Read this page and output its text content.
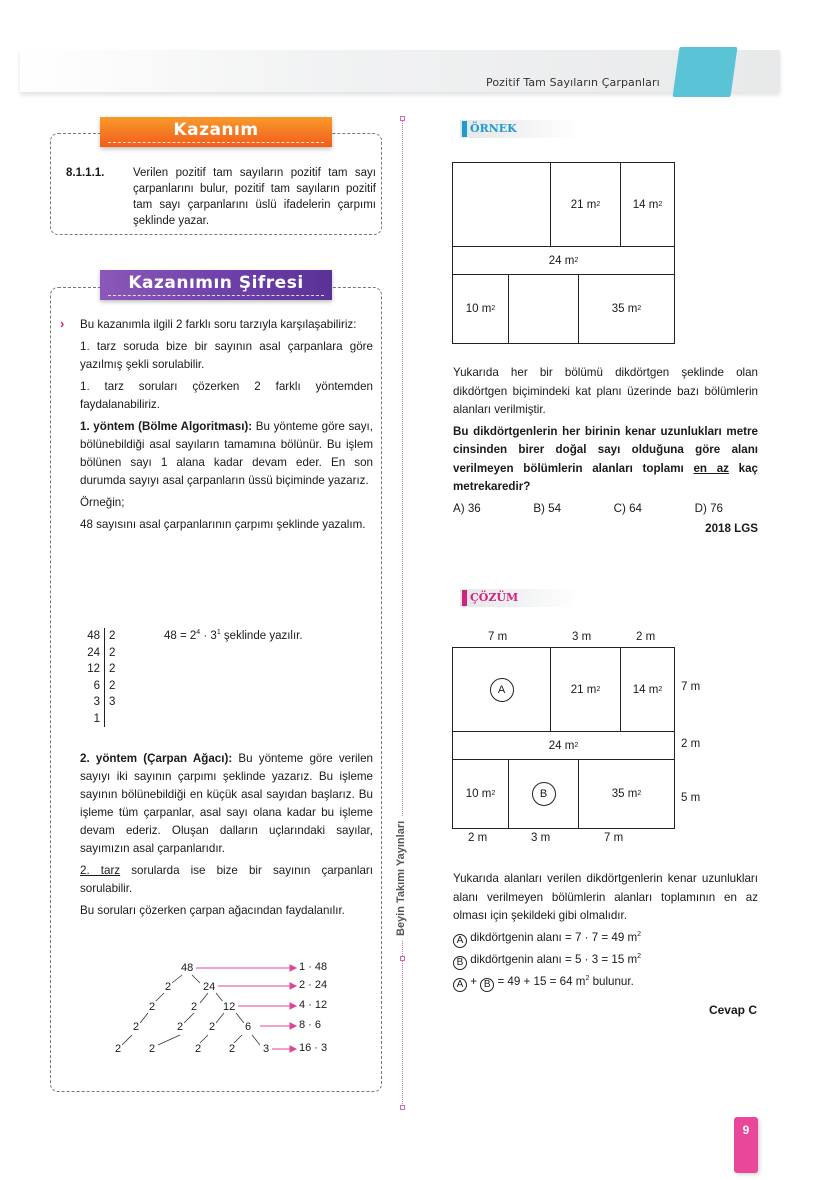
Pozitif Tam Sayıların Çarpanları
Beyin Takımı Yayınları
Kazanım
8.1.1.1. Verilen pozitif tam sayıların pozitif tam sayı çarpanlarını bulur, pozitif tam sayıların pozitif tam sayı çarpanlarını üslü ifadelerin çarpımı şeklinde yazar.
Kazanımın Şifresi
› Bu kazanımla ilgili 2 farklı soru tarzıyla karşılaşabiliriz:

1. tarz soruda bize bir sayının asal çarpanlara göre yazılmış şekli sorulabilir.

1. tarz soruları çözerken 2 farklı yöntemden faydalanabiliriz.

1. yöntem (Bölme Algoritması): Bu yönteme göre sayı, bölünebildiği asal sayıların tamamına bölünür. Bu işlem bölünen sayı 1 alana kadar devam eder. En son durumda sayıyı asal çarpanların üssü biçiminde yazarız.

Örneğin;

48 sayısını asal çarpanlarının çarpımı şeklinde yazalım.

48 2
24 2
12 2
6 2
3 3
1
$48 = 2^4 \cdot 3^1$ şeklinde yazılır.

2. yöntem (Çarpan Ağacı): Bu yönteme göre verilen sayıyı iki sayının çarpımı şeklinde yazarız. Bu işleme sayının bölünebildiği en küçük asal sayıdan başlarız. Bu işleme tüm çarpanlar, asal sayı olana kadar bu işleme devam ederiz. Oluşan dalların uçlarındaki sayılar, sayımızın asal çarpanlarıdır.

2. tarz sorularda ise bize bir sayının çarpanları sorulabilir.

Bu soruları çözerken çarpan ağacından faydalanılır.

48
2	24
2	2 12
2	2 2	6
2	2	2	2	3
1 · 48
2 · 24
4 · 12
8 · 6
16 · 3
ÖRNEK
21 m 2	14 m 2
24 m 2
10 m 2	35 m 2

Yukarıda her bir bölümü dikdörtgen şeklinde olan dikdörtgen biçimindeki kat planı üzerinde bazı bölümlerin alanları verilmiştir.

Bu dikdörtgenlerin her birinin kenar uzunlukları metre cinsinden birer doğal sayı olduğuna göre alanı verilmeyen bölümlerin alanları toplamı en az kaç metrekaredir?

A) 36	B) 54	C) 64	D) 76
2018 LGS
ÇÖZÜM
7 m	3 m	2 m
A	21 m 2	14 m 2
24 m 2
10 m 2	B	35 m 2
7 m
2 m
5 m
2 m	3 m	7 m

Yukarıda alanları verilen dikdörtgenlerin kenar uzunlukları alanı verilmeyen bölümlerin alanları toplamının en az olması için şekildeki gibi olmalıdır.

A dikdörtgenin alanı = 7 · 7 = 49 $m^2$

B dikdörtgenin alanı = 5 · 3 = 15 $m^2$

A + B = 49 + 15 = 64 $m^2$ bulunur.

Cevap C
9
